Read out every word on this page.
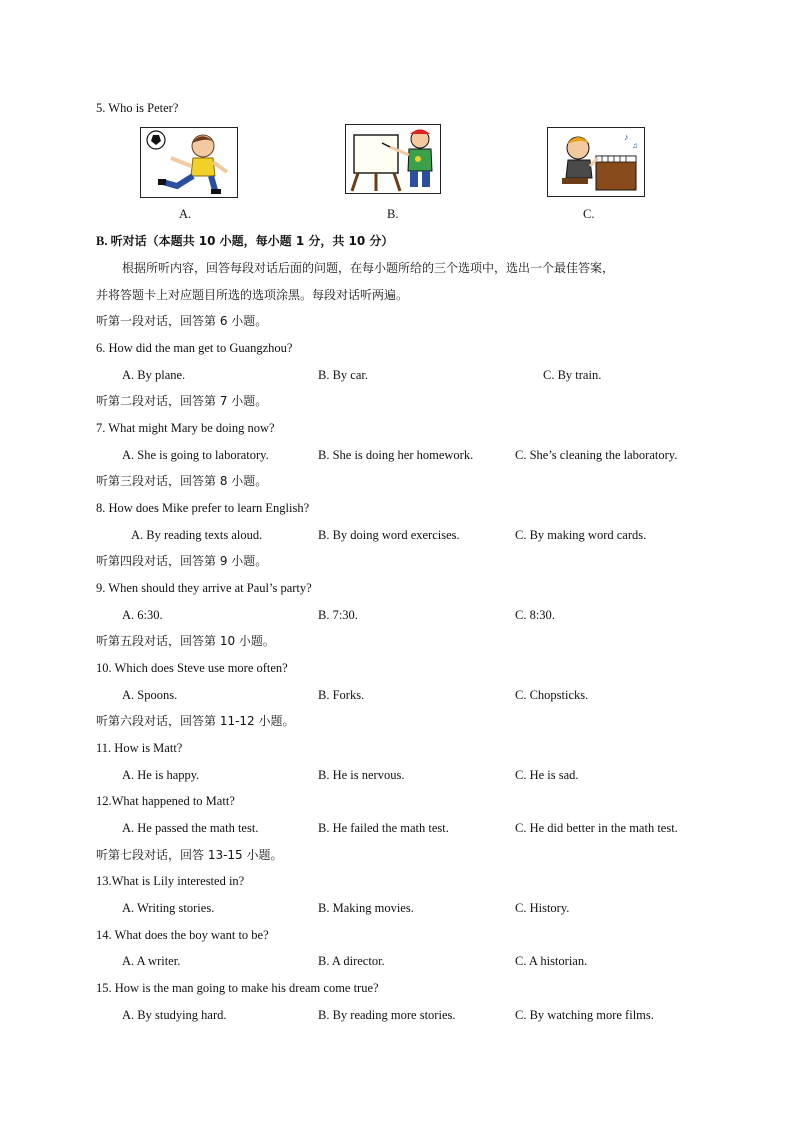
5. Who is Peter?
♪
♫
A.	B.	C.
B. 听对话（本题共 10 小题，每小题 1 分，共 10 分）
根据所听内容，回答每段对话后面的问题，在每小题所给的三个选项中，选出一个最佳答案，
并将答题卡上对应题目所选的选项涂黑。每段对话听两遍。
听第一段对话，回答第 6 小题。
6. How did the man get to Guangzhou?
A. By plane.	B. By car.	C. By train.
听第二段对话，回答第 7 小题。
7. What might Mary be doing now?
A. She is going to laboratory.	B. She is doing her homework.	C. She’s cleaning the laboratory.
听第三段对话，回答第 8 小题。
8. How does Mike prefer to learn English?
A. By reading texts aloud.	B. By doing word exercises.	C. By making word cards.
听第四段对话，回答第 9 小题。
9. When should they arrive at Paul’s party?
A. 6:30.	B. 7:30.	C. 8:30.
听第五段对话，回答第 10 小题。
10. Which does Steve use more often?
A. Spoons.	B. Forks.	C. Chopsticks.
听第六段对话，回答第 11-12 小题。
11. How is Matt?
A. He is happy.	B. He is nervous.	C. He is sad.
12.What happened to Matt?
A. He passed the math test.	B. He failed the math test.	C. He did better in the math test.
听第七段对话，回答 13-15 小题。
13.What is Lily interested in?
A. Writing stories.	B. Making movies.	C. History.
14. What does the boy want to be?
A. A writer.	B. A director.	C. A historian.
15. How is the man going to make his dream come true?
A. By studying hard.	B. By reading more stories.	C. By watching more films.
